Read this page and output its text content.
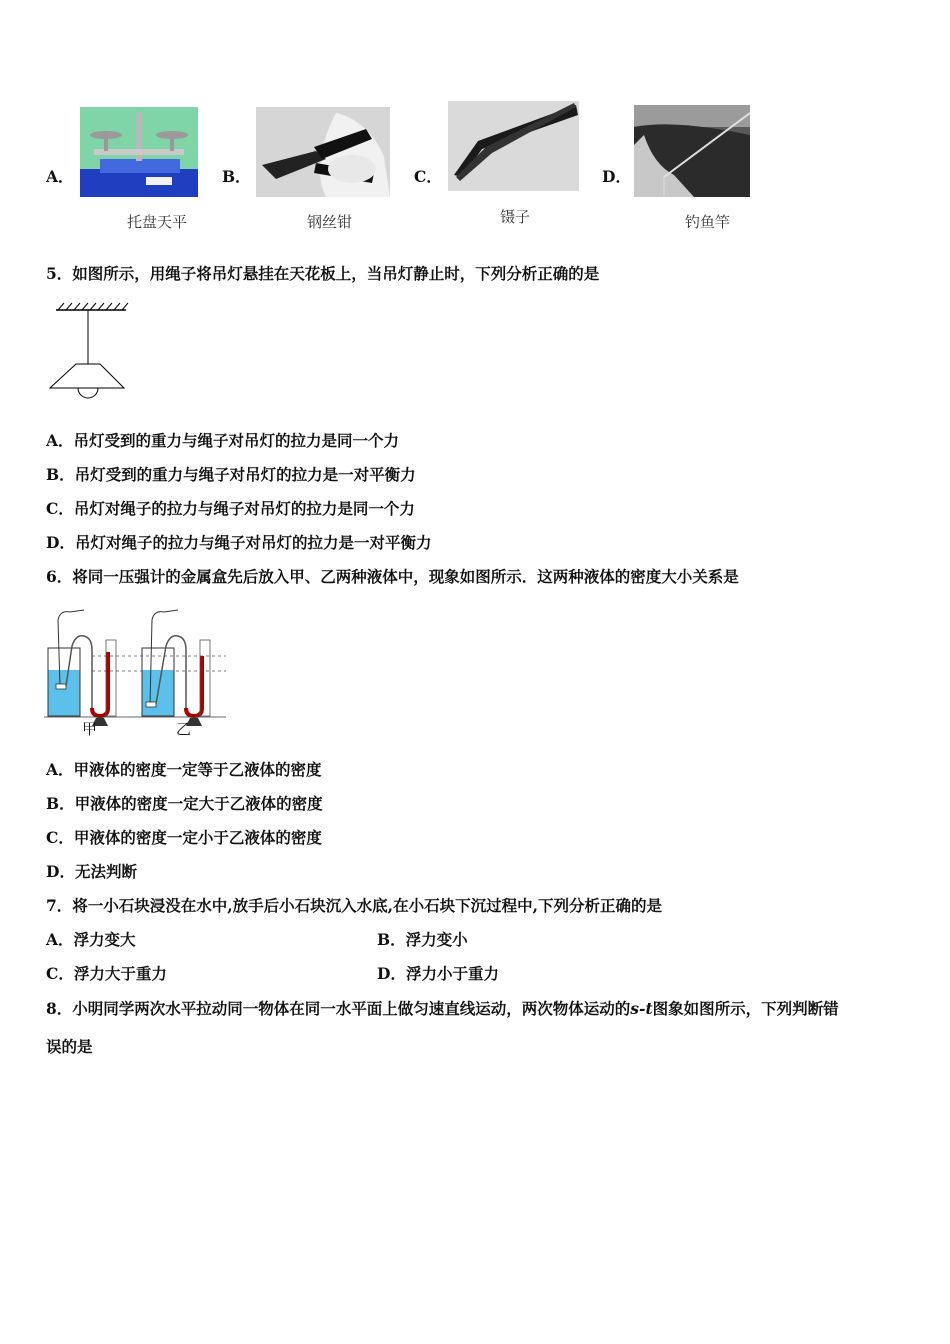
A．
托盘天平
B．
钢丝钳
C．
镊子
D．
钓鱼竿
5．如图所示，用绳子将吊灯悬挂在天花板上，当吊灯静止时，下列分析正确的是
A．吊灯受到的重力与绳子对吊灯的拉力是同一个力
B．吊灯受到的重力与绳子对吊灯的拉力是一对平衡力
C．吊灯对绳子的拉力与绳子对吊灯的拉力是同一个力
D．吊灯对绳子的拉力与绳子对吊灯的拉力是一对平衡力
6．将同一压强计的金属盒先后放入甲、乙两种液体中，现象如图所示．这两种液体的密度大小关系是
甲	乙
A．甲液体的密度一定等于乙液体的密度
B．甲液体的密度一定大于乙液体的密度
C．甲液体的密度一定小于乙液体的密度
D．无法判断
7．将一小石块浸没在水中,放手后小石块沉入水底,在小石块下沉过程中,下列分析正确的是
A．浮力变大	B．浮力变小
C．浮力大于重力	D．浮力小于重力
8．小明同学两次水平拉动同一物体在同一水平面上做匀速直线运动，两次物体运动的s-t图象如图所示，下列判断错
误的是
